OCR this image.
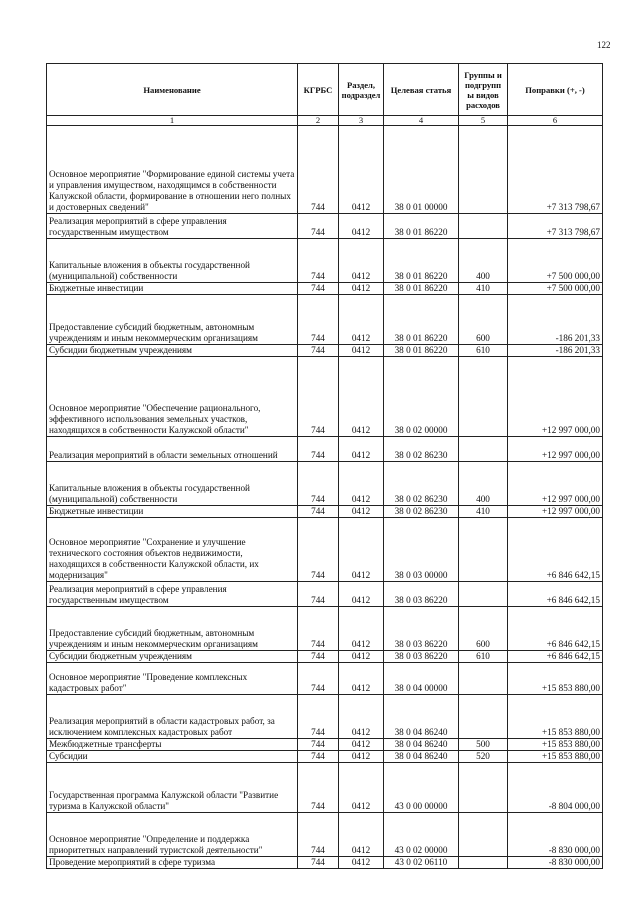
122
Наименование	КГРБС	Раздел, подраздел	Целевая статья	Группы и подгрупп ы видов расходов	Поправки (+, -)
1	2	3	4	5	6
Основное мероприятие "Формирование единой системы учета и управления имуществом, находящимся в собственности Калужской области, формирование в отношении него полных и достоверных сведений"	744	0412	38 0 01 00000		+7 313 798,67
Реализация мероприятий в сфере управления государственным имуществом	744	0412	38 0 01 86220		+7 313 798,67
Капитальные вложения в объекты государственной (муниципальной) собственности	744	0412	38 0 01 86220	400	+7 500 000,00
Бюджетные инвестиции	744	0412	38 0 01 86220	410	+7 500 000,00
Предоставление субсидий бюджетным, автономным учреждениям и иным некоммерческим организациям	744	0412	38 0 01 86220	600	-186 201,33
Субсидии бюджетным учреждениям	744	0412	38 0 01 86220	610	-186 201,33
Основное мероприятие "Обеспечение рационального, эффективного использования земельных участков, находящихся в собственности Калужской области"	744	0412	38 0 02 00000		+12 997 000,00
Реализация мероприятий в области земельных отношений	744	0412	38 0 02 86230		+12 997 000,00
Капитальные вложения в объекты государственной (муниципальной) собственности	744	0412	38 0 02 86230	400	+12 997 000,00
Бюджетные инвестиции	744	0412	38 0 02 86230	410	+12 997 000,00
Основное мероприятие "Сохранение и улучшение технического состояния объектов недвижимости, находящихся в собственности Калужской области, их модернизация"	744	0412	38 0 03 00000		+6 846 642,15
Реализация мероприятий в сфере управления государственным имуществом	744	0412	38 0 03 86220		+6 846 642,15
Предоставление субсидий бюджетным, автономным учреждениям и иным некоммерческим организациям	744	0412	38 0 03 86220	600	+6 846 642,15
Субсидии бюджетным учреждениям	744	0412	38 0 03 86220	610	+6 846 642,15
Основное мероприятие "Проведение комплексных кадастровых работ"	744	0412	38 0 04 00000		+15 853 880,00
Реализация мероприятий в области кадастровых работ, за исключением комплексных кадастровых работ	744	0412	38 0 04 86240		+15 853 880,00
Межбюджетные трансферты	744	0412	38 0 04 86240	500	+15 853 880,00
Субсидии	744	0412	38 0 04 86240	520	+15 853 880,00
Государственная программа Калужской области "Развитие туризма в Калужской области"	744	0412	43 0 00 00000		-8 804 000,00
Основное мероприятие "Определение и поддержка приоритетных направлений туристской деятельности"	744	0412	43 0 02 00000		-8 830 000,00
Проведение мероприятий в сфере туризма	744	0412	43 0 02 06110		-8 830 000,00
